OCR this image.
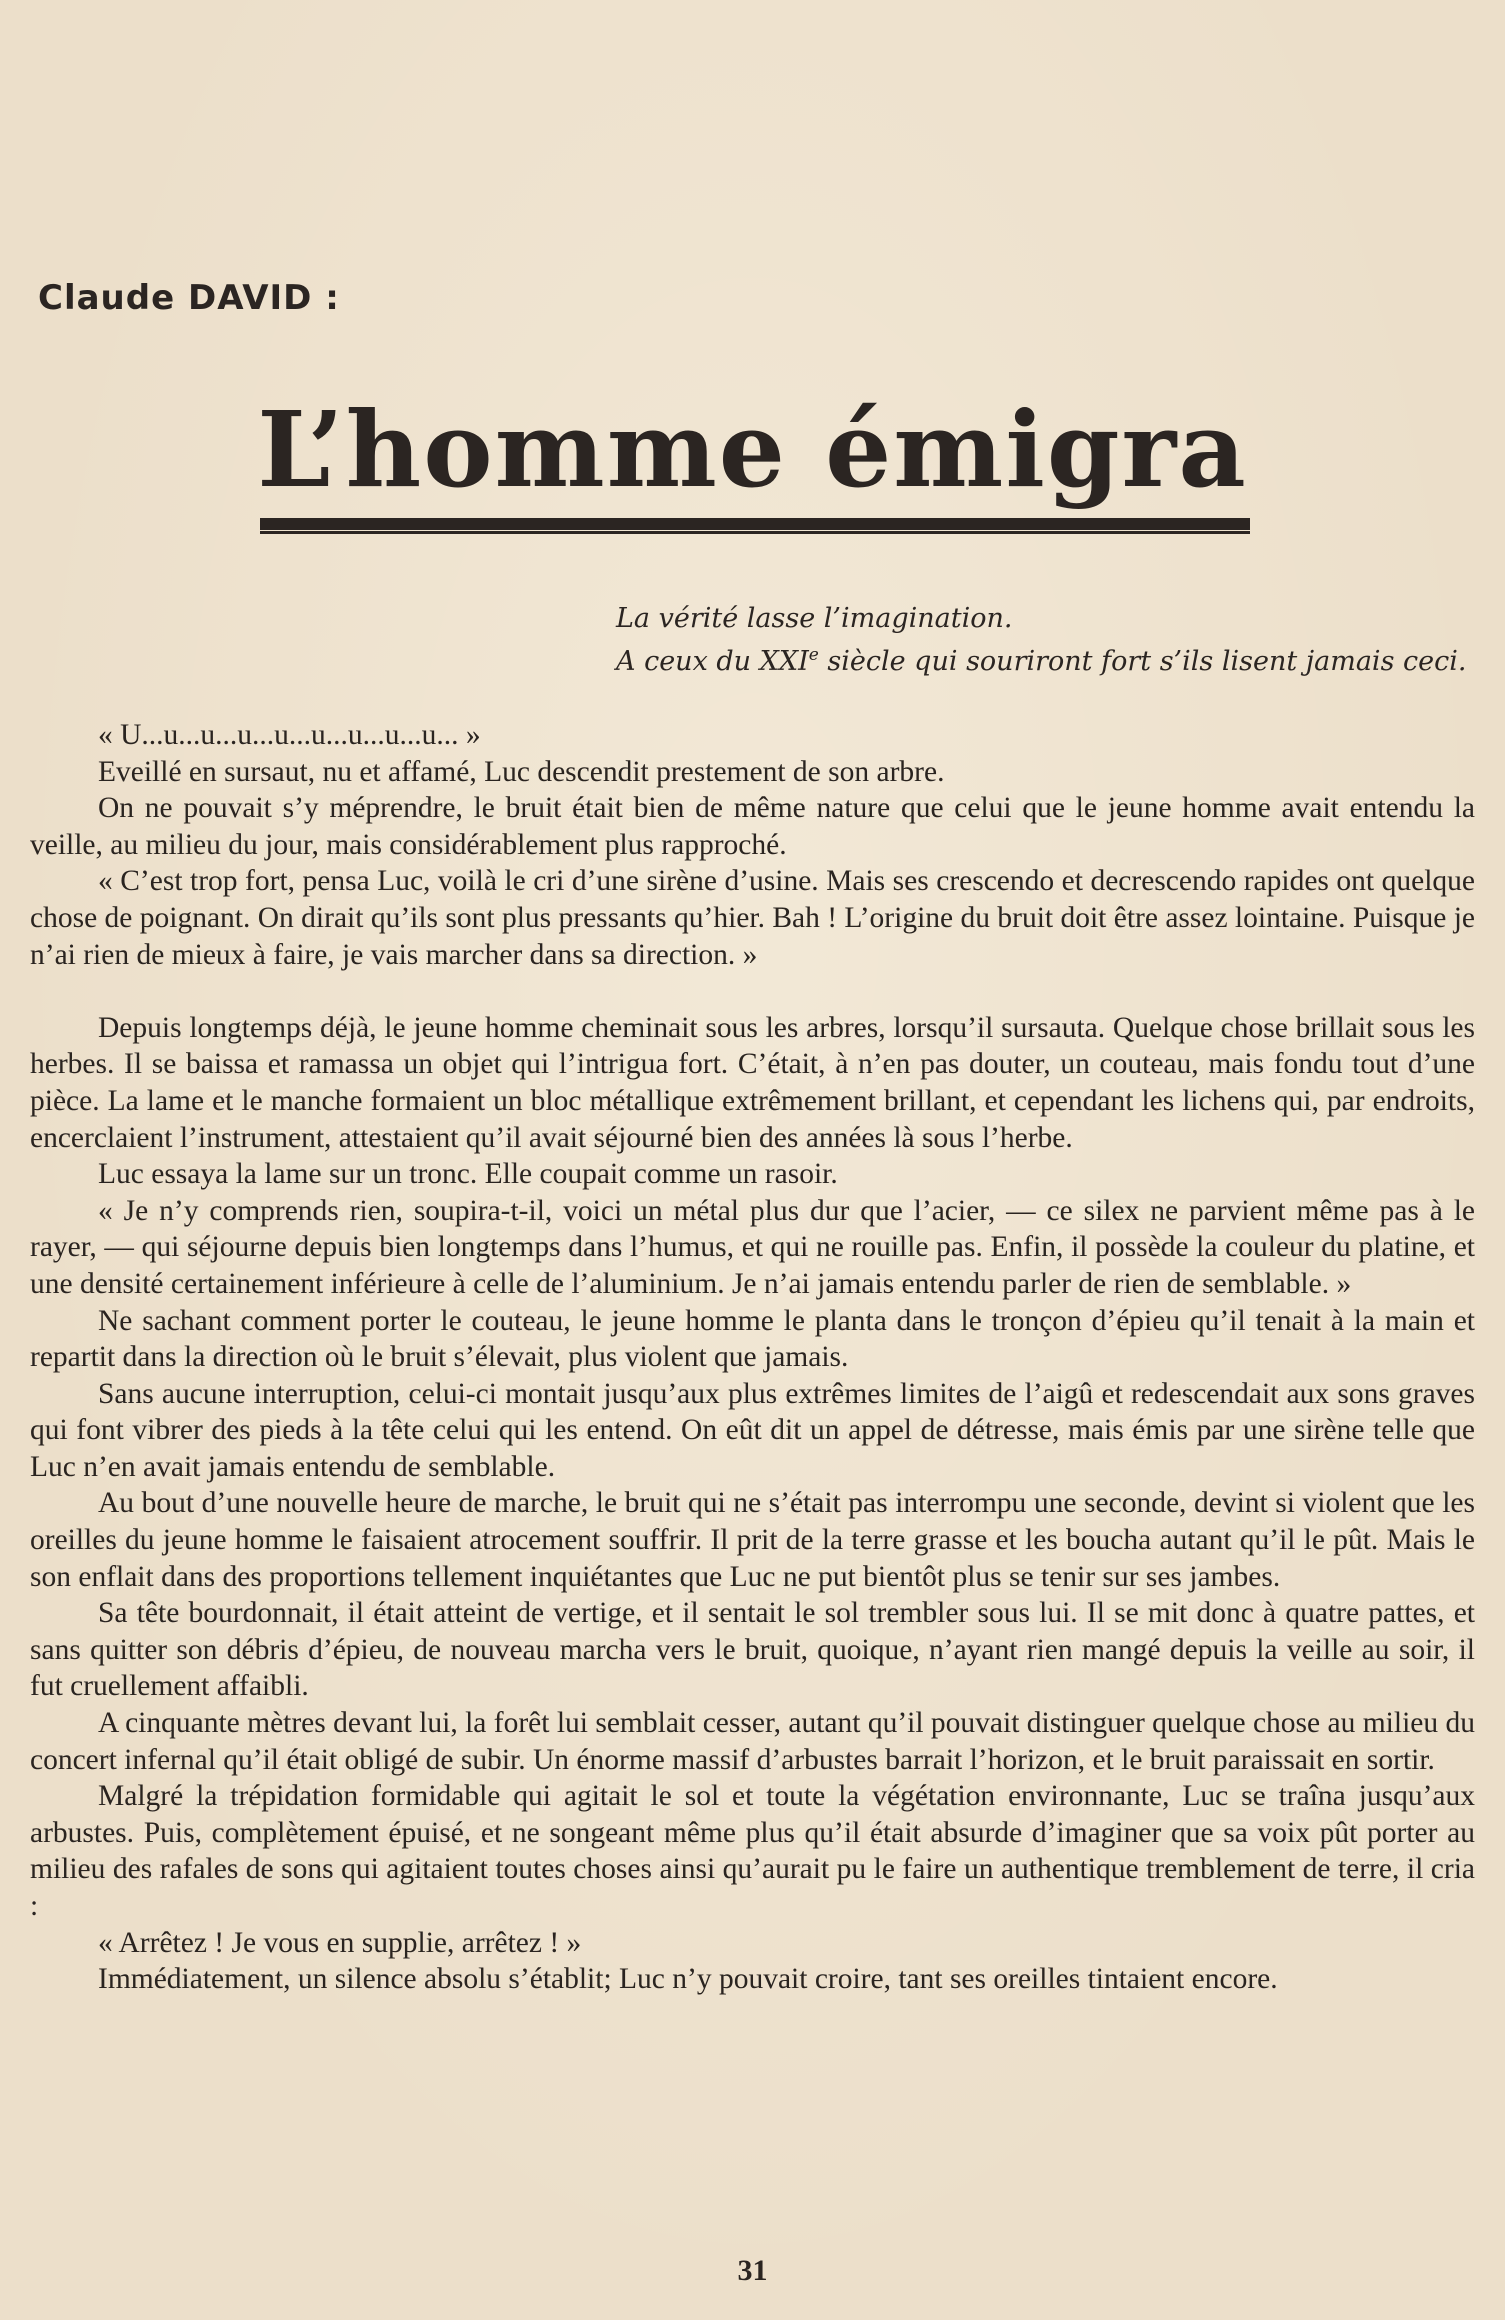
Claude DAVID :
L’homme émigra

La vérité lasse l’imagination.

A ceux du XXIe siècle qui souriront fort s’ils lisent jamais ceci.

« U...u...u...u...u...u...u...u...u... »

Eveillé en sursaut, nu et affamé, Luc descendit prestement de son arbre.

On ne pouvait s’y méprendre, le bruit était bien de même nature que celui que le jeune homme avait entendu la veille, au milieu du jour, mais considérablement plus rapproché.

« C’est trop fort, pensa Luc, voilà le cri d’une sirène d’usine. Mais ses crescendo et decrescendo rapides ont quelque chose de poignant. On dirait qu’ils sont plus pressants qu’hier. Bah ! L’origine du bruit doit être assez lointaine. Puisque je n’ai rien de mieux à faire, je vais marcher dans sa direction. »

Depuis longtemps déjà, le jeune homme cheminait sous les arbres, lorsqu’il sursauta. Quelque chose brillait sous les herbes. Il se baissa et ramassa un objet qui l’intrigua fort. C’était, à n’en pas douter, un couteau, mais fondu tout d’une pièce. La lame et le manche formaient un bloc métallique extrêmement brillant, et cependant les lichens qui, par endroits, encerclaient l’instrument, attestaient qu’il avait séjourné bien des années là sous l’herbe.

Luc essaya la lame sur un tronc. Elle coupait comme un rasoir.

« Je n’y comprends rien, soupira-t-il, voici un métal plus dur que l’acier, — ce silex ne parvient même pas à le rayer, — qui séjourne depuis bien longtemps dans l’humus, et qui ne rouille pas. Enfin, il possède la couleur du platine, et une densité certainement inférieure à celle de l’aluminium. Je n’ai jamais entendu parler de rien de semblable. »

Ne sachant comment porter le couteau, le jeune homme le planta dans le tronçon d’épieu qu’il tenait à la main et repartit dans la direction où le bruit s’élevait, plus violent que jamais.

Sans aucune interruption, celui-ci montait jusqu’aux plus extrêmes limites de l’aigû et redescendait aux sons graves qui font vibrer des pieds à la tête celui qui les entend. On eût dit un appel de détresse, mais émis par une sirène telle que Luc n’en avait jamais entendu de semblable.

Au bout d’une nouvelle heure de marche, le bruit qui ne s’était pas interrompu une seconde, devint si violent que les oreilles du jeune homme le faisaient atrocement souffrir. Il prit de la terre grasse et les boucha autant qu’il le pût. Mais le son enflait dans des proportions tellement inquiétantes que Luc ne put bientôt plus se tenir sur ses jambes.

Sa tête bourdonnait, il était atteint de vertige, et il sentait le sol trembler sous lui. Il se mit donc à quatre pattes, et sans quitter son débris d’épieu, de nouveau marcha vers le bruit, quoique, n’ayant rien mangé depuis la veille au soir, il fut cruellement affaibli.

A cinquante mètres devant lui, la forêt lui semblait cesser, autant qu’il pouvait distinguer quelque chose au milieu du concert infernal qu’il était obligé de subir. Un énorme massif d’arbustes barrait l’horizon, et le bruit paraissait en sortir.

Malgré la trépidation formidable qui agitait le sol et toute la végétation environnante, Luc se traîna jusqu’aux arbustes. Puis, complètement épuisé, et ne songeant même plus qu’il était absurde d’imaginer que sa voix pût porter au milieu des rafales de sons qui agitaient toutes choses ainsi qu’aurait pu le faire un authentique tremblement de terre, il cria :

« Arrêtez ! Je vous en supplie, arrêtez ! »

Immédiatement, un silence absolu s’établit; Luc n’y pouvait croire, tant ses oreilles tintaient encore.

31
